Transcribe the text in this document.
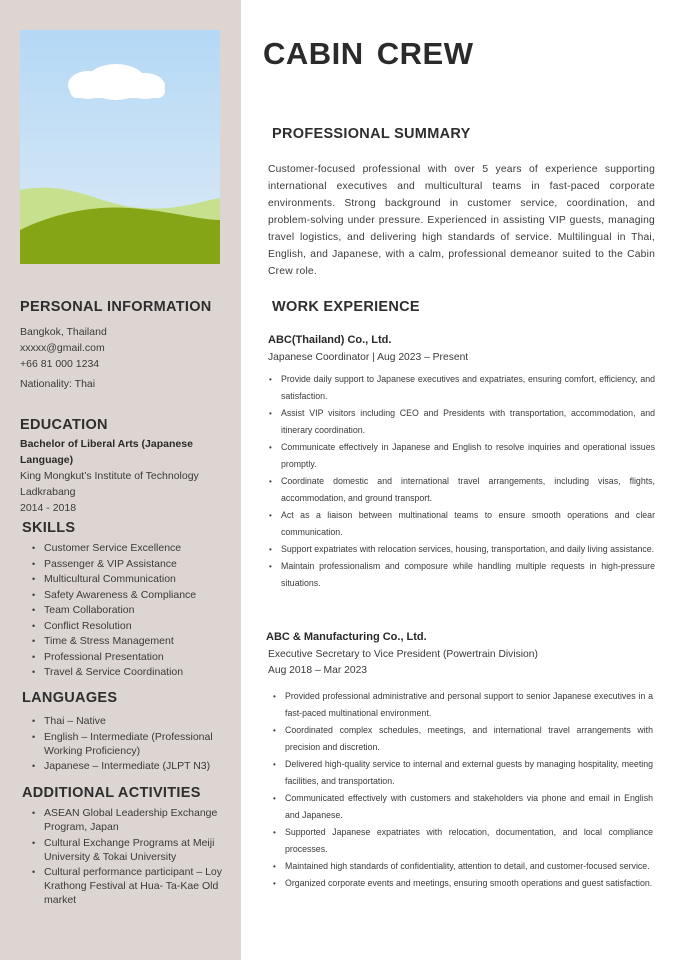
PERSONAL INFORMATION
Bangkok, Thailand
xxxxx@gmail.com
+66 81 000 1234
Nationality: Thai
EDUCATION
Bachelor of Liberal Arts (Japanese Language)
King Mongkut’s Institute of Technology
Ladkrabang
2014 - 2018
SKILLS
• Customer Service Excellence
• Passenger & VIP Assistance
• Multicultural Communication
• Safety Awareness & Compliance
• Team Collaboration
• Conflict Resolution
• Time & Stress Management
• Professional Presentation
• Travel & Service Coordination
LANGUAGES
• Thai – Native
• English – Intermediate (Professional Working Proficiency)
• Japanese – Intermediate (JLPT N3)
ADDITIONAL ACTIVITIES
• ASEAN Global Leadership Exchange Program, Japan
• Cultural Exchange Programs at Meiji University & Tokai University
• Cultural performance participant – Loy Krathong Festival at Hua- Ta-Kae Old market
CABIN CREW
PROFESSIONAL SUMMARY
Customer-focused professional with over 5 years of experience supporting international executives and multicultural teams in fast-paced corporate environments. Strong background in customer service, coordination, and problem-solving under pressure. Experienced in assisting VIP guests, managing travel logistics, and delivering high standards of service. Multilingual in Thai, English, and Japanese, with a calm, professional demeanor suited to the Cabin Crew role.
WORK EXPERIENCE
ABC(Thailand) Co., Ltd.
Japanese Coordinator | Aug 2023 – Present
• Provide daily support to Japanese executives and expatriates, ensuring comfort, efficiency, and satisfaction.
• Assist VIP visitors including CEO and Presidents with transportation, accommodation, and itinerary coordination.
• Communicate effectively in Japanese and English to resolve inquiries and operational issues promptly.
• Coordinate domestic and international travel arrangements, including visas, flights, accommodation, and ground transport.
• Act as a liaison between multinational teams to ensure smooth operations and clear communication.
• Support expatriates with relocation services, housing, transportation, and daily living assistance.
• Maintain professionalism and composure while handling multiple requests in high-pressure situations.
ABC & Manufacturing Co., Ltd.
Executive Secretary to Vice President (Powertrain Division)
Aug 2018 – Mar 2023
• Provided professional administrative and personal support to senior Japanese executives in a fast-paced multinational environment.
• Coordinated complex schedules, meetings, and international travel arrangements with precision and discretion.
• Delivered high-quality service to internal and external guests by managing hospitality, meeting facilities, and transportation.
• Communicated effectively with customers and stakeholders via phone and email in English and Japanese.
• Supported Japanese expatriates with relocation, documentation, and local compliance processes.
• Maintained high standards of confidentiality, attention to detail, and customer-focused service.
• Organized corporate events and meetings, ensuring smooth operations and guest satisfaction.
